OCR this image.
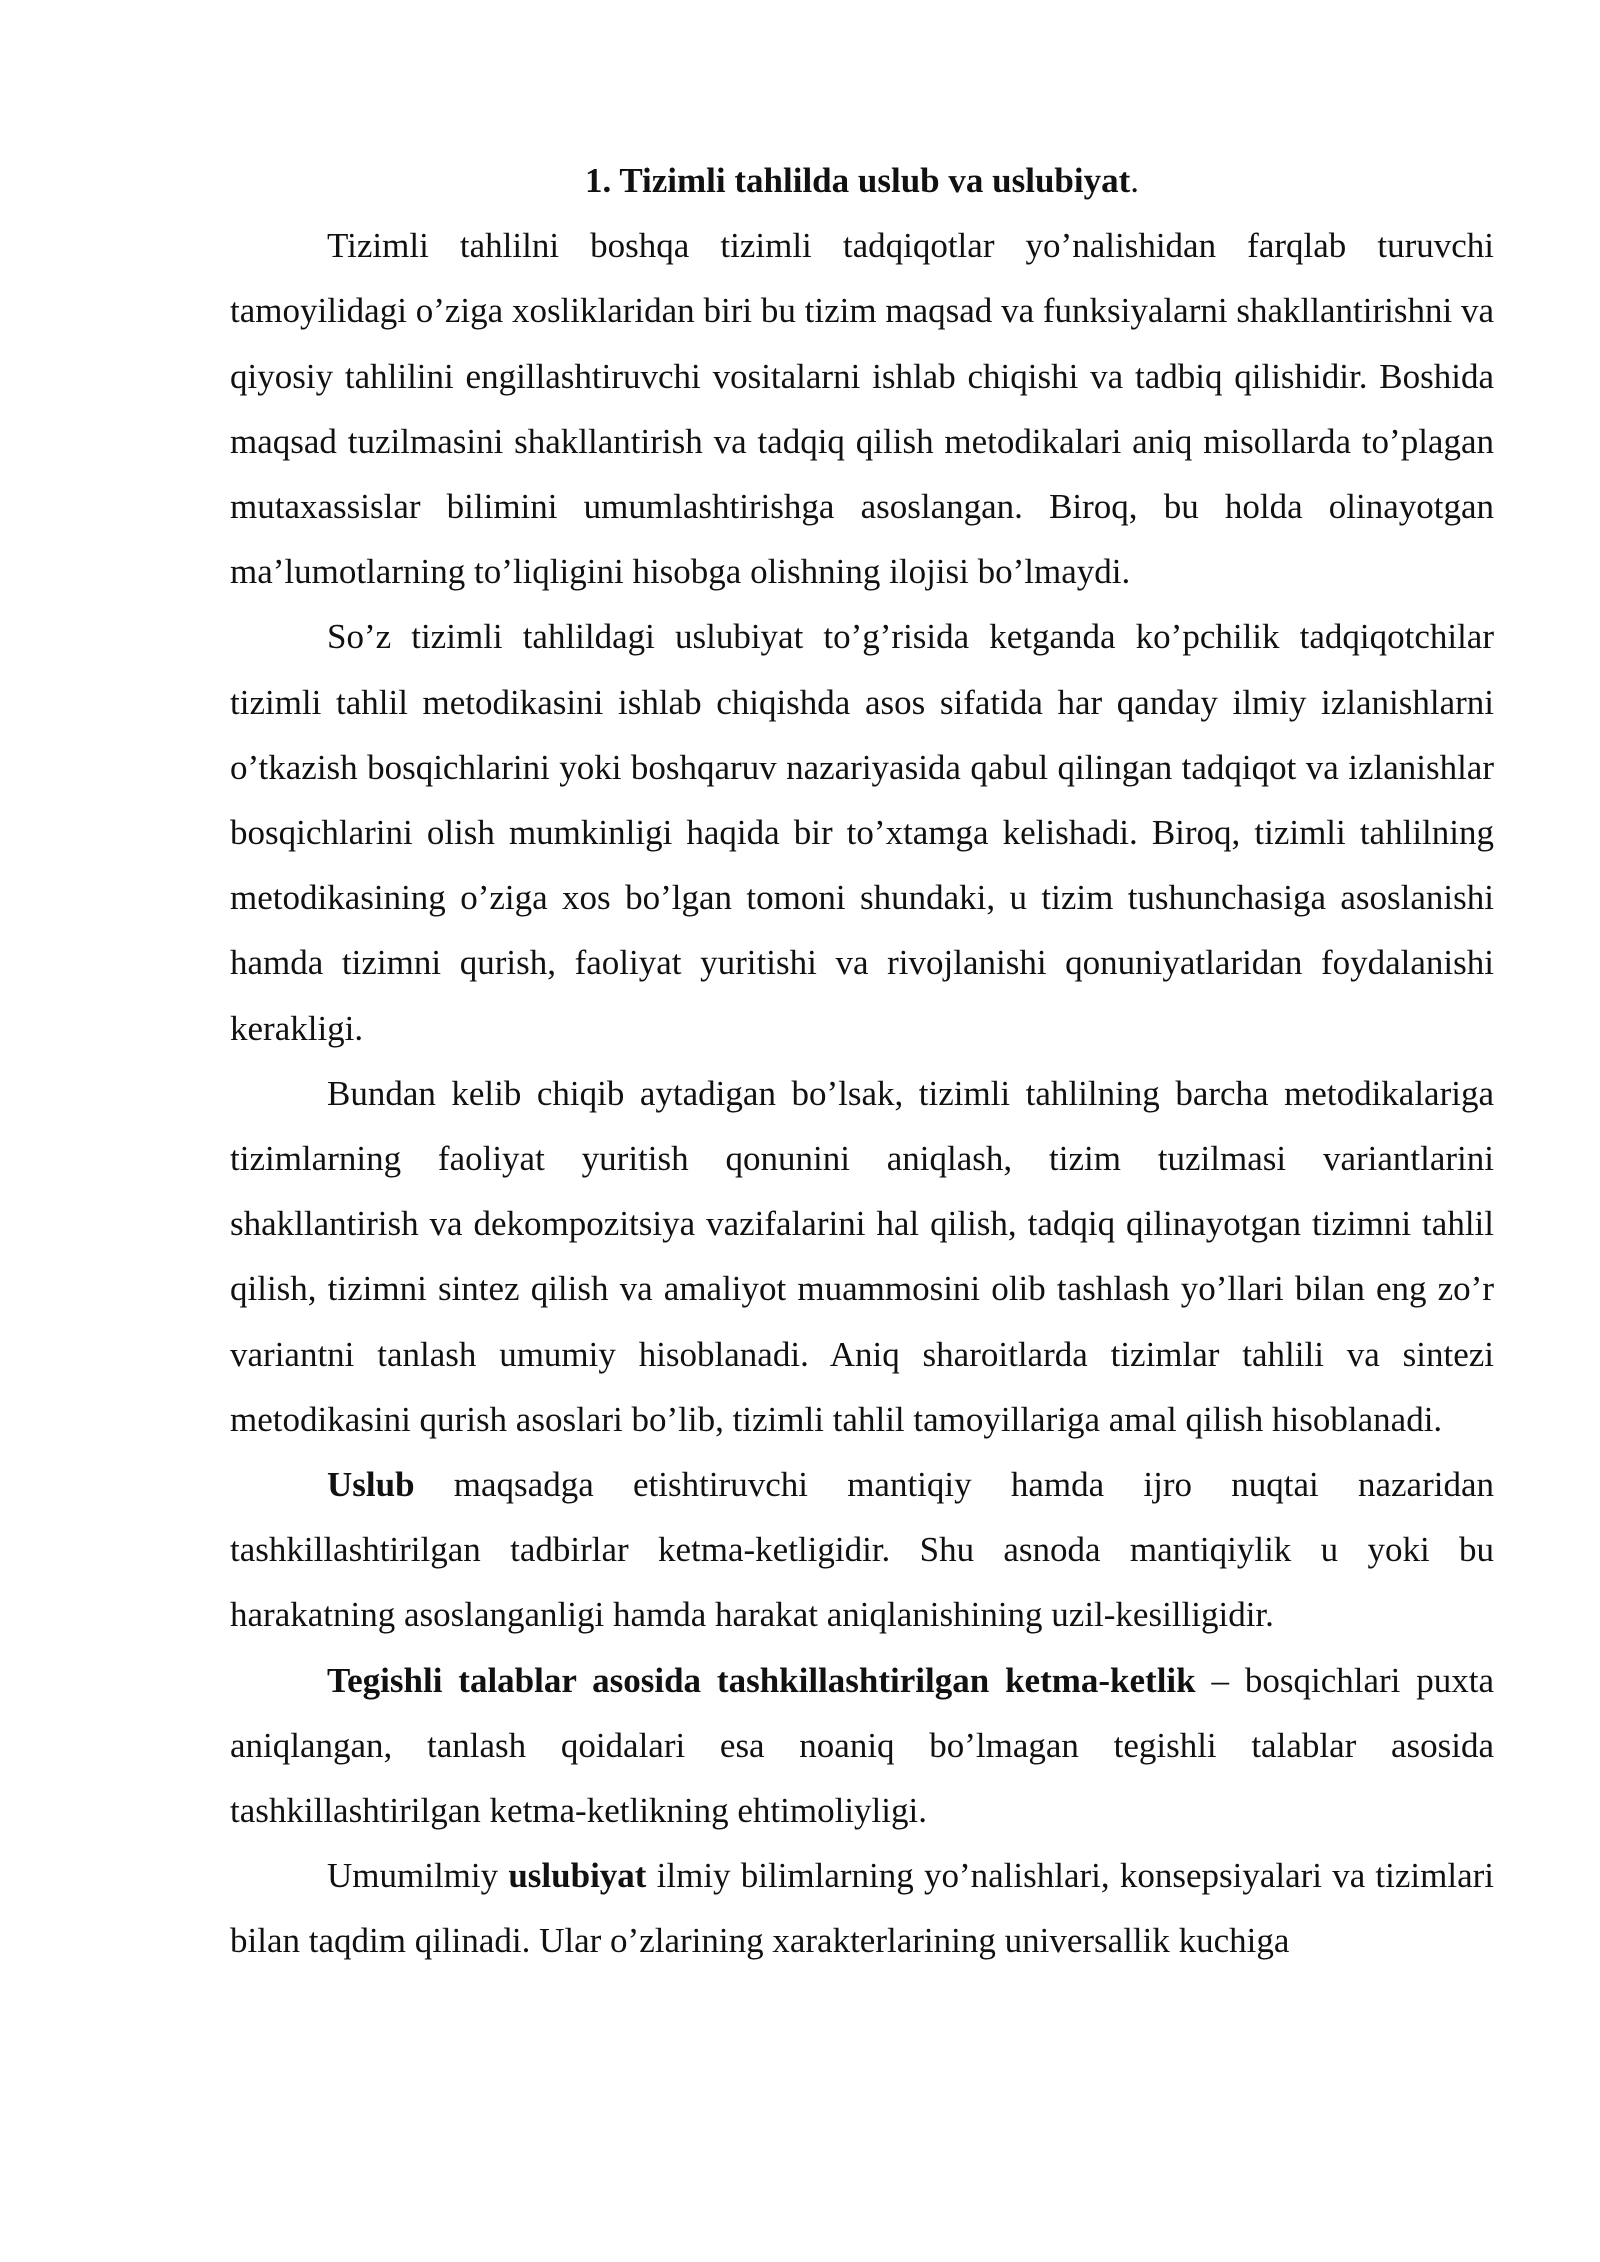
1. Tizimli tahlilda uslub va uslubiyat.

Tizimli tahlilni boshqa tizimli tadqiqotlar yo’nalishidan farqlab turuvchi tamoyilidagi o’ziga xosliklaridan biri bu tizim maqsad va funksiyalarni shakllantirishni va qiyosiy tahlilini engillashtiruvchi vositalarni ishlab chiqishi va tadbiq qilishidir. Boshida maqsad tuzilmasini shakllantirish va tadqiq qilish metodikalari aniq misollarda to’plagan mutaxassislar bilimini umumlashtirishga asoslangan. Biroq, bu holda olinayotgan ma’lumotlarning to’liqligini hisobga olishning ilojisi bo’lmaydi.

So’z tizimli tahlildagi uslubiyat to’g’risida ketganda ko’pchilik tadqiqotchilar tizimli tahlil metodikasini ishlab chiqishda asos sifatida har qanday ilmiy izlanishlarni o’tkazish bosqichlarini yoki boshqaruv nazariyasida qabul qilingan tadqiqot va izlanishlar bosqichlarini olish mumkinligi haqida bir to’xtamga kelishadi. Biroq, tizimli tahlilning metodikasining o’ziga xos bo’lgan tomoni shundaki, u tizim tushunchasiga asoslanishi hamda tizimni qurish, faoliyat yuritishi va rivojlanishi qonuniyatlaridan foydalanishi kerakligi.

Bundan kelib chiqib aytadigan bo’lsak, tizimli tahlilning barcha metodikalariga tizimlarning faoliyat yuritish qonunini aniqlash, tizim tuzilmasi variantlarini shakllantirish va dekompozitsiya vazifalarini hal qilish, tadqiq qilinayotgan tizimni tahlil qilish, tizimni sintez qilish va amaliyot muammosini olib tashlash yo’llari bilan eng zo’r variantni tanlash umumiy hisoblanadi. Aniq sharoitlarda tizimlar tahlili va sintezi metodikasini qurish asoslari bo’lib, tizimli tahlil tamoyillariga amal qilish hisoblanadi.

Uslub maqsadga etishtiruvchi mantiqiy hamda ijro nuqtai nazaridan tashkillashtirilgan tadbirlar ketma-ketligidir. Shu asnoda mantiqiylik u yoki bu harakatning asoslanganligi hamda harakat aniqlanishining uzil-kesilligidir.

Tegishli talablar asosida tashkillashtirilgan ketma-ketlik – bosqichlari puxta aniqlangan, tanlash qoidalari esa noaniq bo’lmagan tegishli talablar asosida tashkillashtirilgan ketma-ketlikning ehtimoliyligi.

Umumilmiy uslubiyat ilmiy bilimlarning yo’nalishlari, konsepsiyalari va tizimlari bilan taqdim qilinadi. Ular o’zlarining xarakterlarining universallik kuchiga
